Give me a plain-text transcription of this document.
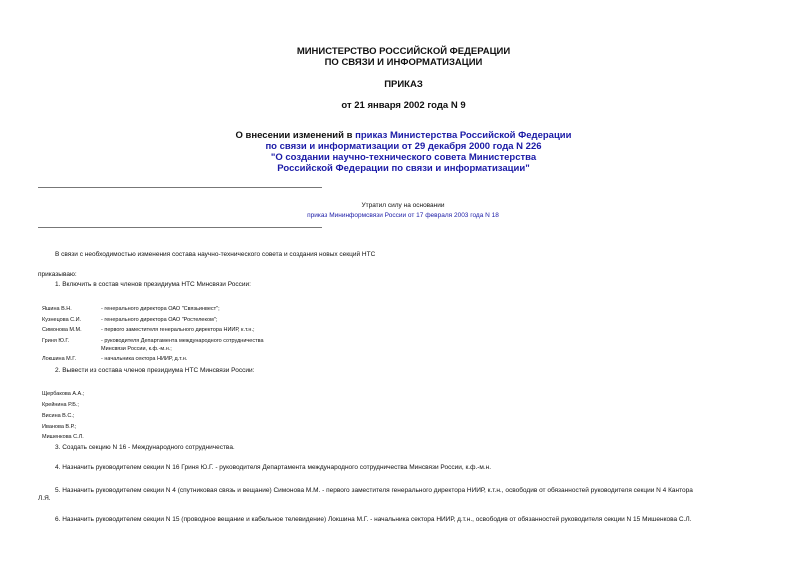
МИНИСТЕРСТВО РОССИЙСКОЙ ФЕДЕРАЦИИ
ПО СВЯЗИ И ИНФОРМАТИЗАЦИИ
ПРИКАЗ
от 21 января 2002 года N 9
О внесении изменений в приказ Министерства Российской Федерации
по связи и информатизации от 29 декабря 2000 года N 226
"О создании научно-технического совета Министерства
Российской Федерации по связи и информатизации"
Утратил силу на основании
приказ Мининформсвязи России от 17 февраля 2003 года N 18
В связи с необходимостью изменения состава научно-технического совета и создания новых секций НТС
приказываю:
1. Включить в состав членов президиума НТС Минсвязи России:
Яшина В.Н.	- генерального директора ОАО "Связьинвест";
Кузнецова С.И.	- генерального директора ОАО "Ростелеком";
Симонова М.М.	- первого заместителя генерального директора НИИР, к.т.н.;
Гриня Ю.Г.	- руководителя Департамента международного сотрудничества
Минсвязи России, к.ф.-м.н.;
Локшина М.Г.	- начальника сектора НИИР, д.т.н.
2. Вывести из состава членов президиума НТС Минсвязи России:
Щербакова А.А.;
Крейнина Р.Б.;
Висина В.С.;
Иванова В.Р.;
Мишенкова С.Л.
3. Создать секцию N 16 - Международного сотрудничества.
4. Назначить руководителем секции N 16 Гриня Ю.Г. - руководителя Департамента международного сотрудничества Минсвязи России, к.ф.-м.н.
5. Назначить руководителем секции N 4 (спутниковая связь и вещание) Симонова М.М. - первого заместителя генерального директора НИИР, к.т.н., освободив от обязанностей руководителя секции N 4 Кантора
Л.Я.
6. Назначить руководителем секции N 15 (проводное вещание и кабельное телевидение) Локшина М.Г. - начальника сектора НИИР, д.т.н., освободив от обязанностей руководителя секции N 15 Мишенкова С.Л.
